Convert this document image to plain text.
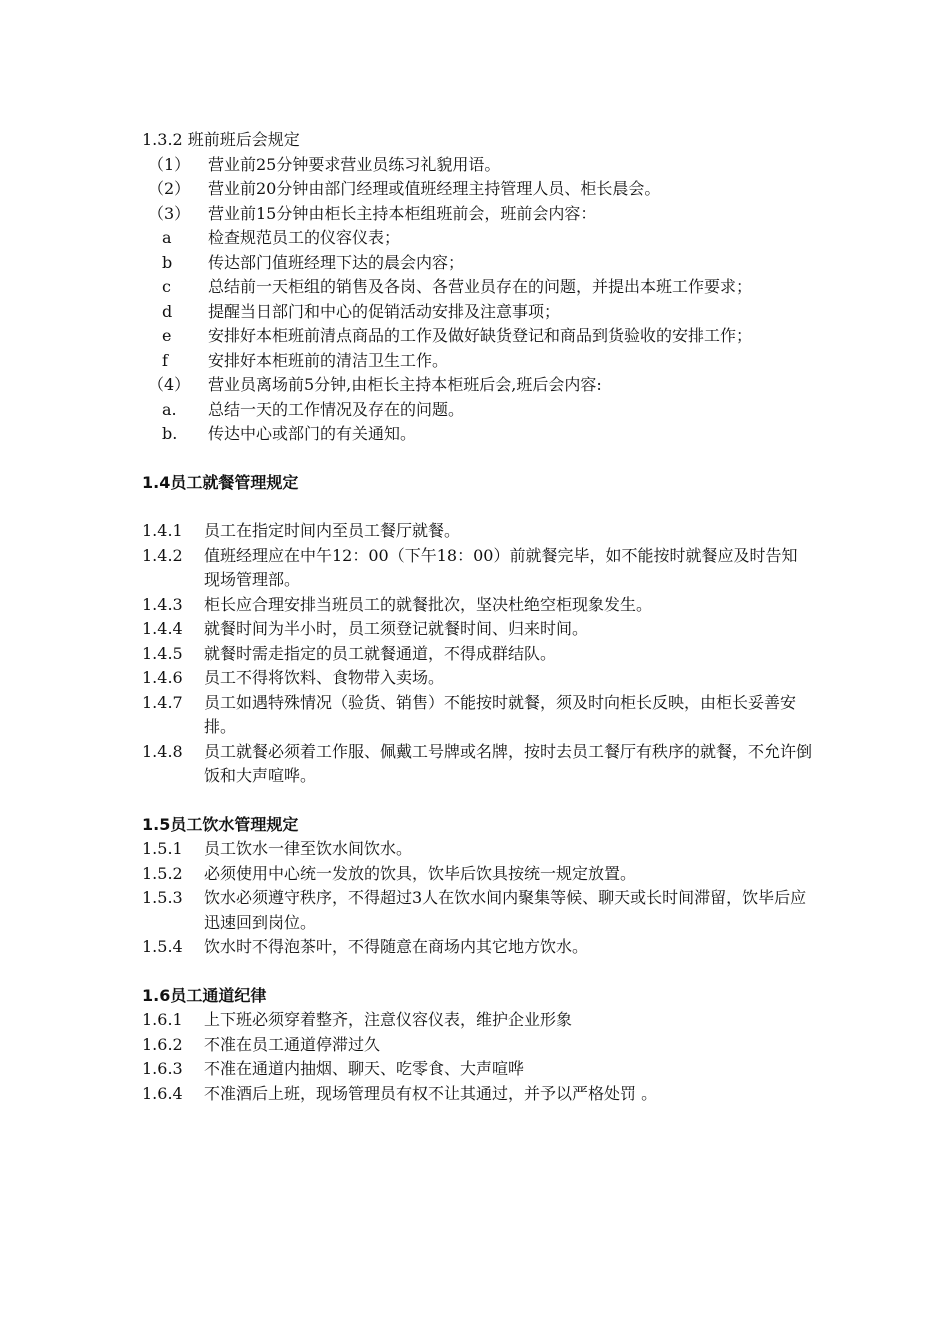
1.3.2 班前班后会规定
（1）	营业前25分钟要求营业员练习礼貌用语。
（2）	营业前20分钟由部门经理或值班经理主持管理人员、柜长晨会。
（3）	营业前15分钟由柜长主持本柜组班前会，班前会内容：
a	检查规范员工的仪容仪表；
b	传达部门值班经理下达的晨会内容；
c	总结前一天柜组的销售及各岗、各营业员存在的问题，并提出本班工作要求；
d	提醒当日部门和中心的促销活动安排及注意事项；
e	安排好本柜班前清点商品的工作及做好缺货登记和商品到货验收的安排工作；
f	安排好本柜班前的清洁卫生工作。
（4）	营业员离场前5分钟,由柜长主持本柜班后会,班后会内容:
a.	总结一天的工作情况及存在的问题。
b.	传达中心或部门的有关通知。
1.4员工就餐管理规定
1.4.1	员工在指定时间内至员工餐厅就餐。
1.4.2	值班经理应在中午12：00（下午18：00）前就餐完毕，如不能按时就餐应及时告知现场管理部。
1.4.3	柜长应合理安排当班员工的就餐批次，坚决杜绝空柜现象发生。
1.4.4	就餐时间为半小时，员工须登记就餐时间、归来时间。
1.4.5	就餐时需走指定的员工就餐通道，不得成群结队。
1.4.6	员工不得将饮料、食物带入卖场。
1.4.7	员工如遇特殊情况（验货、销售）不能按时就餐，须及时向柜长反映，由柜长妥善安排。
1.4.8	员工就餐必须着工作服、佩戴工号牌或名牌，按时去员工餐厅有秩序的就餐，不允许倒饭和大声喧哗。
1.5员工饮水管理规定
1.5.1	员工饮水一律至饮水间饮水。
1.5.2	必须使用中心统一发放的饮具，饮毕后饮具按统一规定放置。
1.5.3	饮水必须遵守秩序，不得超过3人在饮水间内聚集等候、聊天或长时间滞留，饮毕后应迅速回到岗位。
1.5.4	饮水时不得泡茶叶，不得随意在商场内其它地方饮水。
1.6员工通道纪律
1.6.1	上下班必须穿着整齐，注意仪容仪表，维护企业形象
1.6.2	不准在员工通道停滞过久
1.6.3	不准在通道内抽烟、聊天、吃零食、大声喧哗
1.6.4	不准酒后上班，现场管理员有权不让其通过，并予以严格处罚 。
